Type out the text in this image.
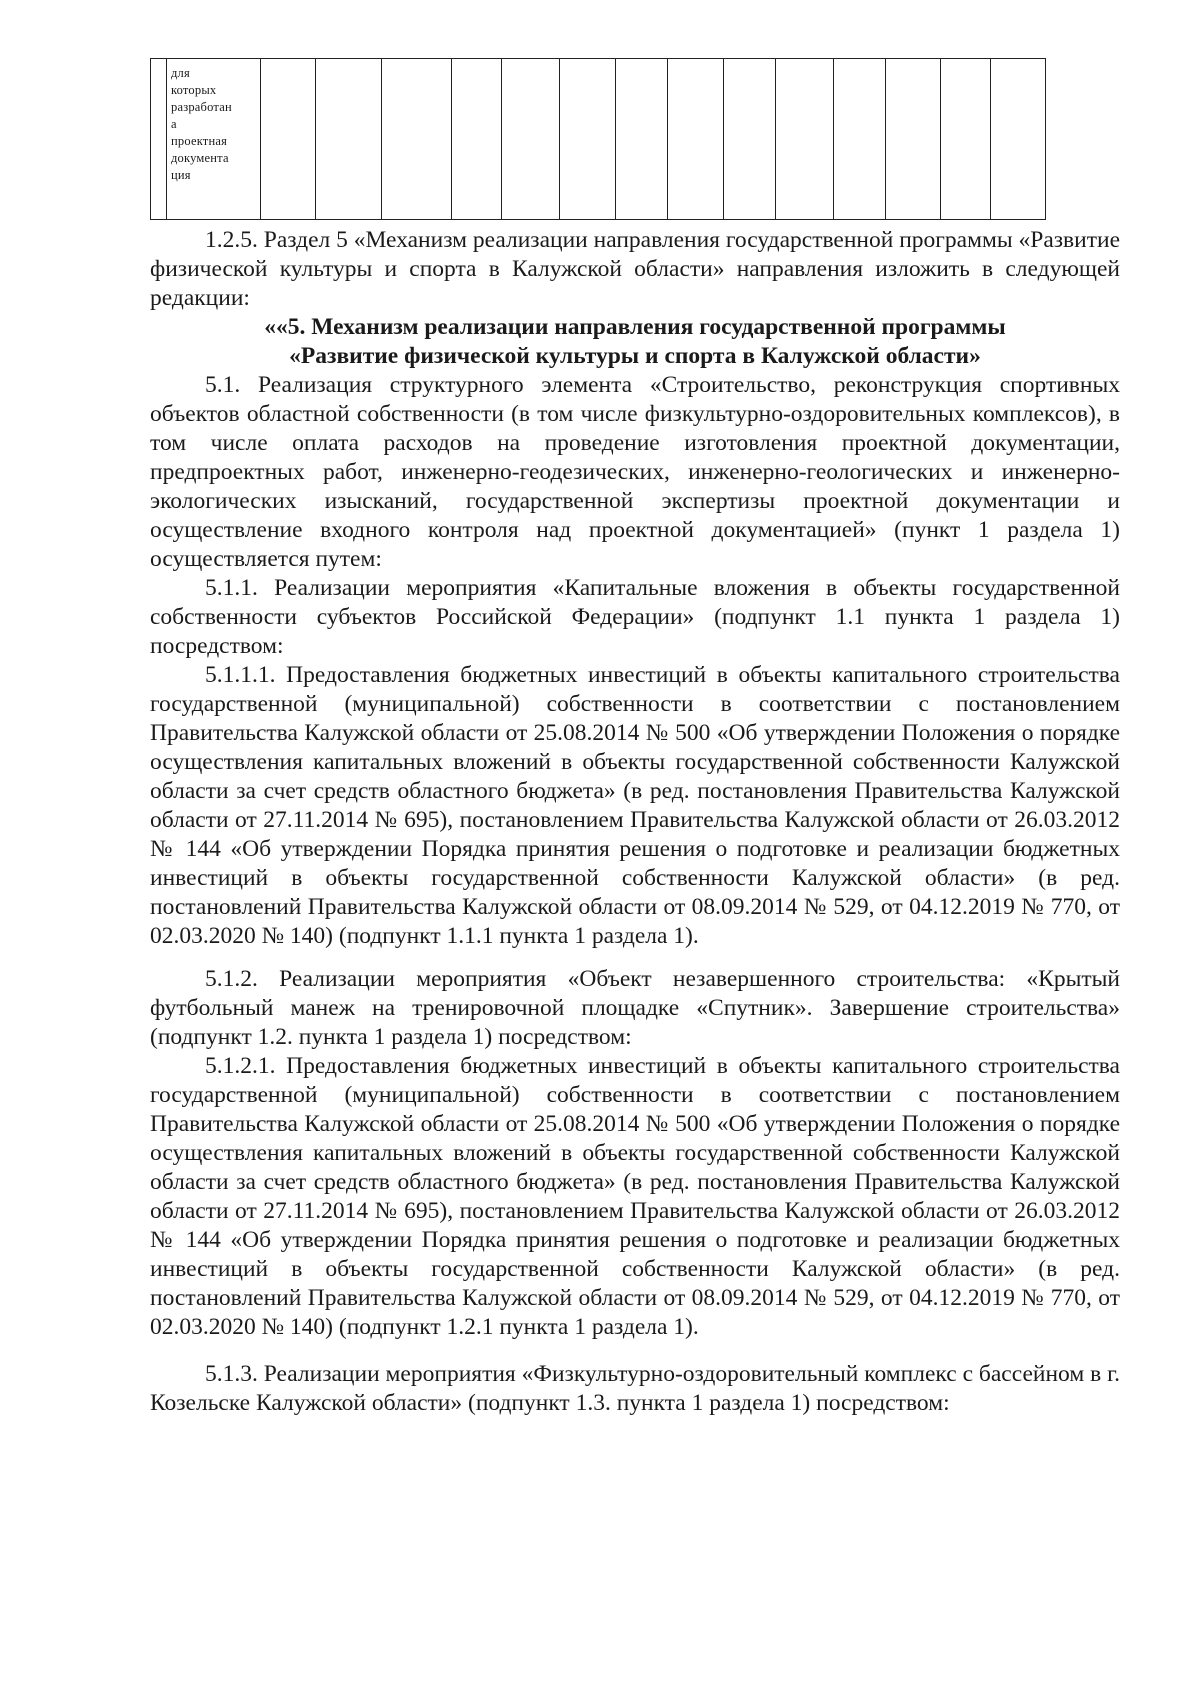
для
которых
разработан
а
проектная
документа
ция

1.2.5. Раздел 5 «Механизм реализации направления государственной программы «Развитие физической культуры и спорта в Калужской области» направления изложить в следующей редакции:

««5. Механизм реализации направления государственной программы

«Развитие физической культуры и спорта в Калужской области»

5.1. Реализация структурного элемента «Строительство, реконструкция спортивных объектов областной собственности (в том числе физкультурно-оздоровительных комплексов), в том числе оплата расходов на проведение изготовления проектной документации, предпроектных работ, инженерно-геодезических, инженерно-геологических и инженерно-экологических изысканий, государственной экспертизы проектной документации и осуществление входного контроля над проектной документацией» (пункт 1 раздела 1) осуществляется путем:

5.1.1. Реализации мероприятия «Капитальные вложения в объекты государственной собственности субъектов Российской Федерации» (подпункт 1.1 пункта 1 раздела 1) посредством:

5.1.1.1. Предоставления бюджетных инвестиций в объекты капитального строительства государственной (муниципальной) собственности в соответствии с постановлением Правительства Калужской области от 25.08.2014 № 500 «Об утверждении Положения о порядке осуществления капитальных вложений в объекты государственной собственности Калужской области за счет средств областного бюджета» (в ред. постановления Правительства Калужской области от 27.11.2014 № 695), постановлением Правительства Калужской области от 26.03.2012 № 144 «Об утверждении Порядка принятия решения о подготовке и реализации бюджетных инвестиций в объекты государственной собственности Калужской области» (в ред. постановлений Правительства Калужской области от 08.09.2014 № 529, от 04.12.2019 № 770, от 02.03.2020 № 140) (подпункт 1.1.1 пункта 1 раздела 1).

5.1.2. Реализации мероприятия «Объект незавершенного строительства: «Крытый футбольный манеж на тренировочной площадке «Спутник». Завершение строительства» (подпункт 1.2. пункта 1 раздела 1) посредством:

5.1.2.1. Предоставления бюджетных инвестиций в объекты капитального строительства государственной (муниципальной) собственности в соответствии с постановлением Правительства Калужской области от 25.08.2014 № 500 «Об утверждении Положения о порядке осуществления капитальных вложений в объекты государственной собственности Калужской области за счет средств областного бюджета» (в ред. постановления Правительства Калужской области от 27.11.2014 № 695), постановлением Правительства Калужской области от 26.03.2012 № 144 «Об утверждении Порядка принятия решения о подготовке и реализации бюджетных инвестиций в объекты государственной собственности Калужской области» (в ред. постановлений Правительства Калужской области от 08.09.2014 № 529, от 04.12.2019 № 770, от 02.03.2020 № 140) (подпункт 1.2.1 пункта 1 раздела 1).

5.1.3. Реализации мероприятия «Физкультурно-оздоровительный комплекс с бассейном в г. Козельске Калужской области» (подпункт 1.3. пункта 1 раздела 1) посредством:
